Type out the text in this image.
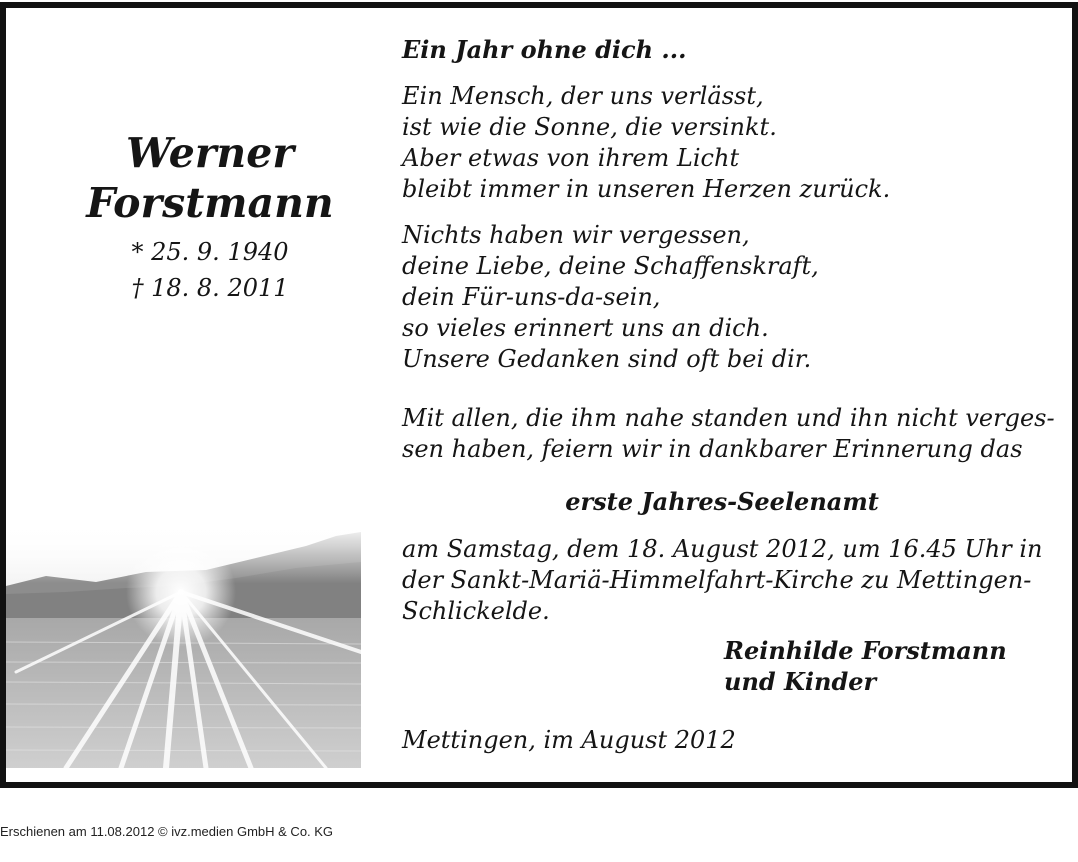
Werner
Forstmann
* 25. 9. 1940
† 18. 8. 2011
Ein Jahr ohne dich ...
Ein Mensch, der uns verlässt,
ist wie die Sonne, die versinkt.
Aber etwas von ihrem Licht
bleibt immer in unseren Herzen zurück.
Nichts haben wir vergessen,
deine Liebe, deine Schaffenskraft,
dein Für-uns-da-sein,
so vieles erinnert uns an dich.
Unsere Gedanken sind oft bei dir.
Mit allen, die ihm nahe standen und ihn nicht verges-
sen haben, feiern wir in dankbarer Erinnerung das
erste Jahres-Seelenamt
am Samstag, dem 18. August 2012, um 16.45 Uhr in
der Sankt-Mariä-Himmelfahrt-Kirche zu Mettingen-
Schlickelde.
Reinhilde Forstmann
und Kinder
Mettingen, im August 2012
Erschienen am 11.08.2012 © ivz.medien GmbH & Co. KG
